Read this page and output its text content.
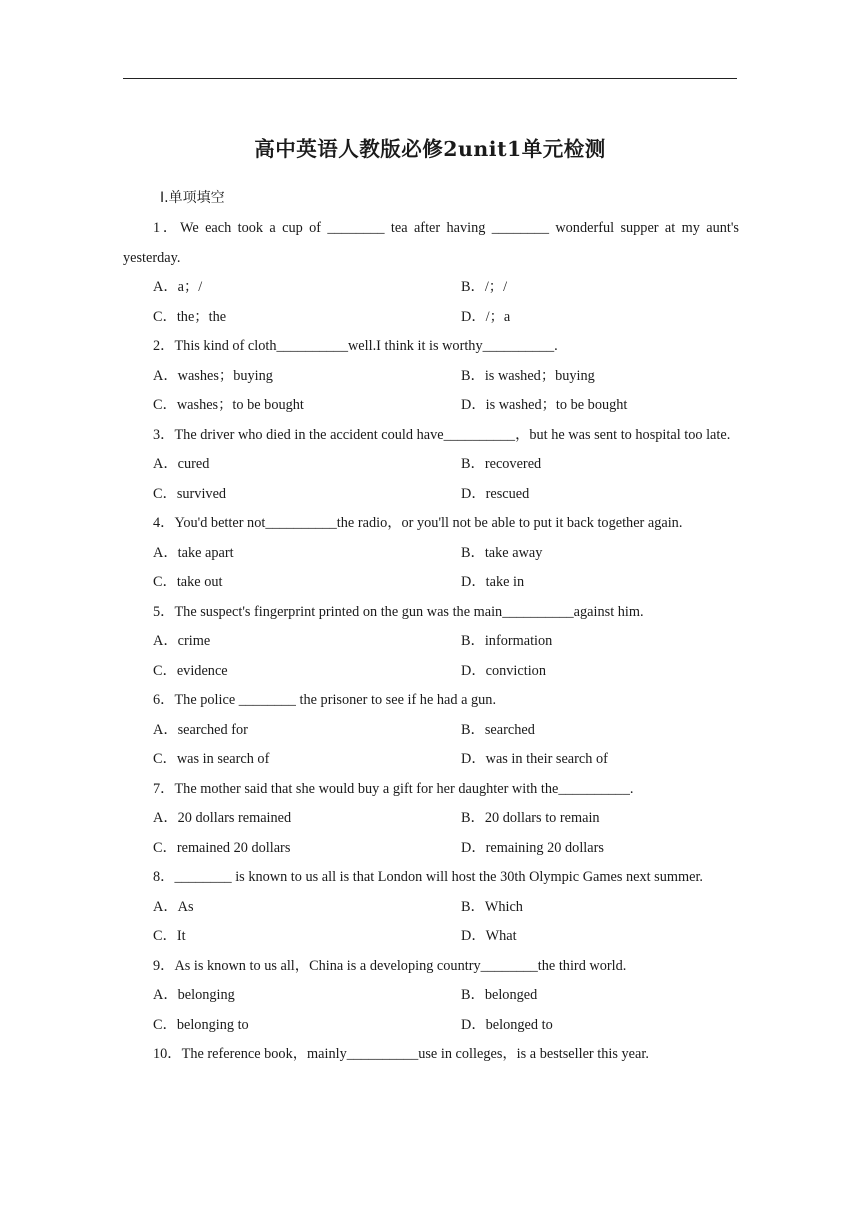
高中英语人教版必修2unit1单元检测
Ⅰ.单项填空

1．We each took a cup of ________ tea after having ________ wonderful supper at my aunt's yesterday.

A．a；/	B．/；/
C．the；the	D．/；a

2．This kind of cloth__________well.I think it is worthy__________.

A．washes；buying	B．is washed；buying
C．washes；to be bought	D．is washed；to be bought

3．The driver who died in the accident could have__________，but he was sent to hospital too late.

A．cured	B．recovered
C．survived	D．rescued

4．You'd better not__________the radio，or you'll not be able to put it back together again.

A．take apart	B．take away
C．take out	D．take in

5．The suspect's fingerprint printed on the gun was the main__________against him.

A．crime	B．information
C．evidence	D．conviction

6．The police ________ the prisoner to see if he had a gun.

A．searched for	B．searched
C．was in search of	D．was in their search of

7．The mother said that she would buy a gift for her daughter with the__________.

A．20 dollars remained	B．20 dollars to remain
C．remained 20 dollars	D．remaining 20 dollars

8．________ is known to us all is that London will host the 30th Olympic Games next summer.

A．As	B．Which
C．It	D．What

9．As is known to us all，China is a developing country________the third world.

A．belonging	B．belonged
C．belonging to	D．belonged to

10．The reference book，mainly__________use in colleges，is a bestseller this year.
